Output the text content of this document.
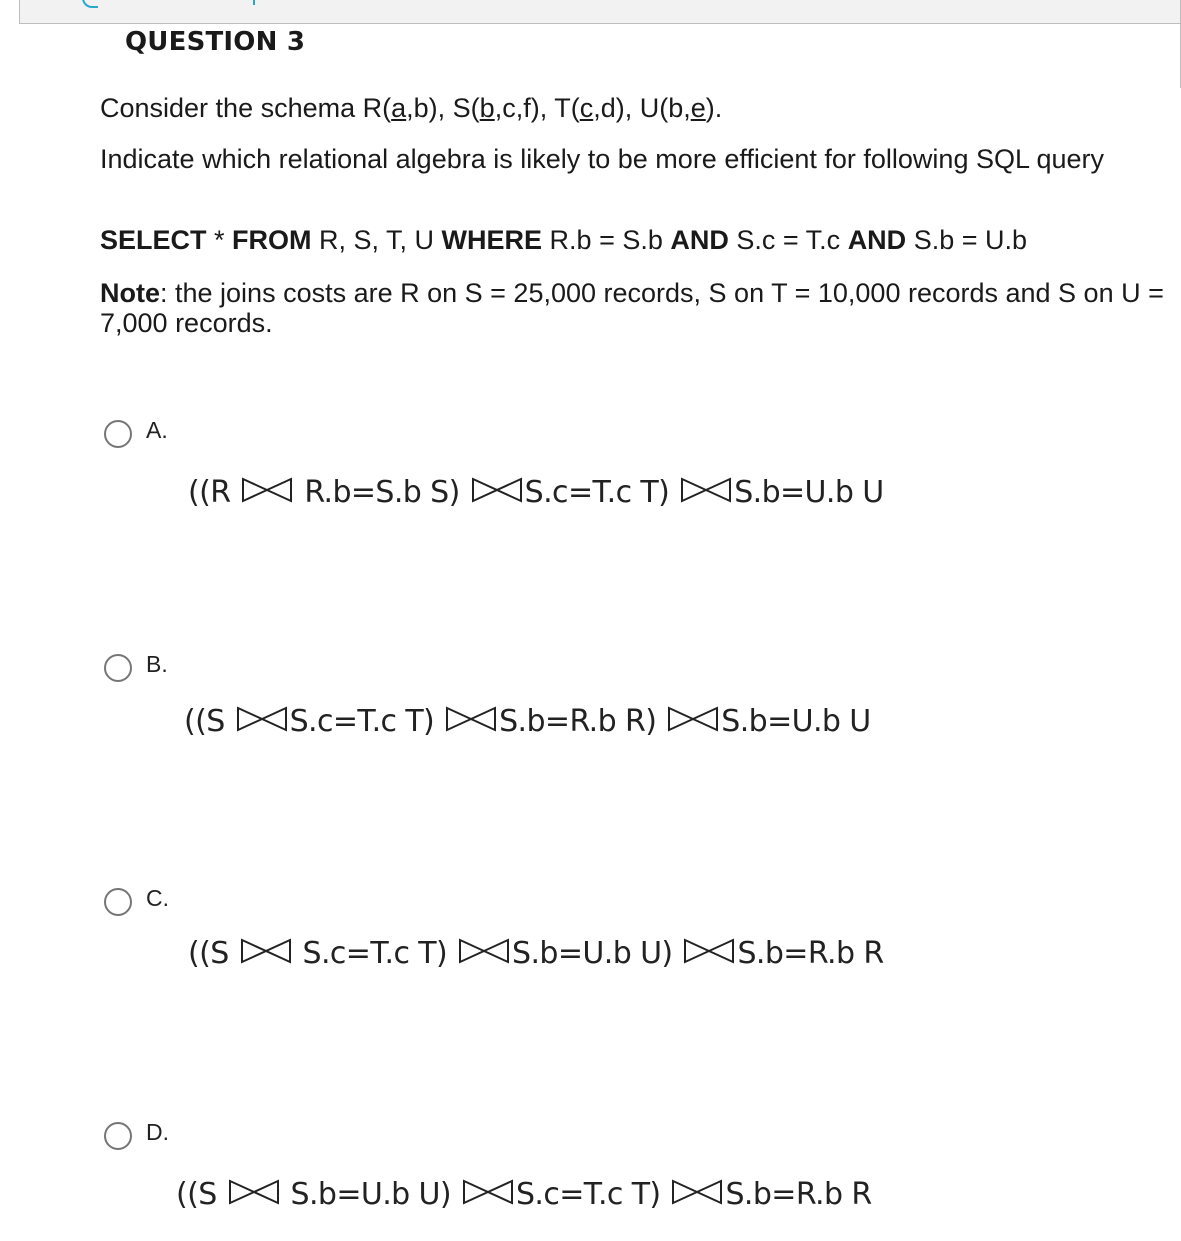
QUESTION 3
Consider the schema R(a,b), S(b,c,f), T(c,d), U(b,e).
Indicate which relational algebra is likely to be more efficient for following SQL query
SELECT * FROM R, S, T, U WHERE R.b = S.b AND S.c = T.c AND S.b = U.b
Note: the joins costs are R on S = 25,000 records, S on T = 10,000 records and S on U = 7,000 records.
A.
((R  R.b=S.b S) S.c=T.c T) S.b=U.b U
B.
((S S.c=T.c T) S.b=R.b R) S.b=U.b U
C.
((S  S.c=T.c T) S.b=U.b U) S.b=R.b R
D.
((S  S.b=U.b U) S.c=T.c T) S.b=R.b R
